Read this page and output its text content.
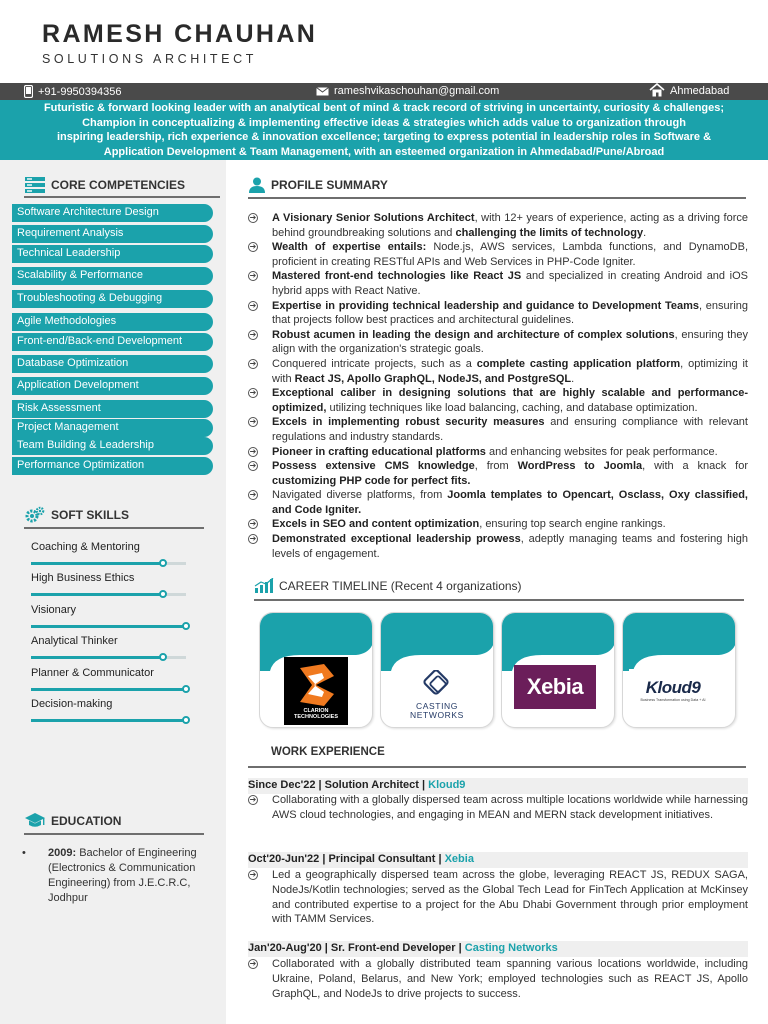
RAMESH CHAUHAN
SOLUTIONS ARCHITECT
+91-9950394356	rameshvikaschouhan@gmail.com	Ahmedabad
Futuristic & forward looking leader with an analytical bent of mind & track record of striving in uncertainty, curiosity & challenges;
Champion in conceptualizing & implementing effective ideas & strategies which adds value to organization through
inspiring leadership, rich experience & innovation excellence; targeting to express potential in leadership roles in Software &
Application Development & Team Management, with an esteemed organization in Ahmedabad/Pune/Abroad
CORE COMPETENCIES
Software Architecture Design
Requirement Analysis
Technical Leadership
Scalability & Performance
Troubleshooting & Debugging
Agile Methodologies
Front-end/Back-end Development
Database Optimization
Application Development
Risk Assessment
Project Management
Team Building & Leadership
Performance Optimization
SOFT SKILLS
Coaching & Mentoring
High Business Ethics
Visionary
Analytical Thinker
Planner & Communicator
Decision-making
EDUCATION
• 2009: Bachelor of Engineering (Electronics & Communication Engineering) from J.E.C.R.C, Jodhpur
PROFILE SUMMARY
➔ A Visionary Senior Solutions Architect, with 12+ years of experience, acting as a driving force behind groundbreaking solutions and challenging the limits of technology.
➔ Wealth of expertise entails: Node.js, AWS services, Lambda functions, and DynamoDB, proficient in creating RESTful APIs and Web Services in PHP-Code Igniter.
➔ Mastered front-end technologies like React JS and specialized in creating Android and iOS hybrid apps with React Native.
➔ Expertise in providing technical leadership and guidance to Development Teams, ensuring that projects follow best practices and architectural guidelines.
➔ Robust acumen in leading the design and architecture of complex solutions, ensuring they align with the organization's strategic goals.
➔ Conquered intricate projects, such as a complete casting application platform, optimizing it with React JS, Apollo GraphQL, NodeJS, and PostgreSQL.
➔ Exceptional caliber in designing solutions that are highly scalable and performance-optimized, utilizing techniques like load balancing, caching, and database optimization.
➔ Excels in implementing robust security measures and ensuring compliance with relevant regulations and industry standards.
➔ Pioneer in crafting educational platforms and enhancing websites for peak performance.
➔ Possess extensive CMS knowledge, from WordPress to Joomla, with a knack for customizing PHP code for perfect fits.
➔ Navigated diverse platforms, from Joomla templates to Opencart, Osclass, Oxy classified, and Code Igniter.
➔ Excels in SEO and content optimization, ensuring top search engine rankings.
➔ Demonstrated exceptional leadership prowess, adeptly managing teams and fostering high levels of engagement.
CAREER TIMELINE (Recent 4 organizations)
CLARION TECHNOLOGIES
CASTING
NETWORKS
Xebia	Kloud9
Business Transformation using Data + AI
WORK EXPERIENCE
Since Dec'22 | Solution Architect | Kloud9
➔ Collaborating with a globally dispersed team across multiple locations worldwide while harnessing AWS cloud technologies, and engaging in MEAN and MERN stack development initiatives.
Oct'20-Jun'22 | Principal Consultant | Xebia
➔ Led a geographically dispersed team across the globe, leveraging REACT JS, REDUX SAGA, NodeJs/Kotlin technologies; served as the Global Tech Lead for FinTech Application at McKinsey and contributed expertise to a project for the Abu Dhabi Government through prior employment with TAMM Services.
Jan'20-Aug'20 | Sr. Front-end Developer | Casting Networks
➔ Collaborated with a globally distributed team spanning various locations worldwide, including Ukraine, Poland, Belarus, and New York; employed technologies such as REACT JS, Apollo GraphQL, and NodeJs to drive projects to success.
